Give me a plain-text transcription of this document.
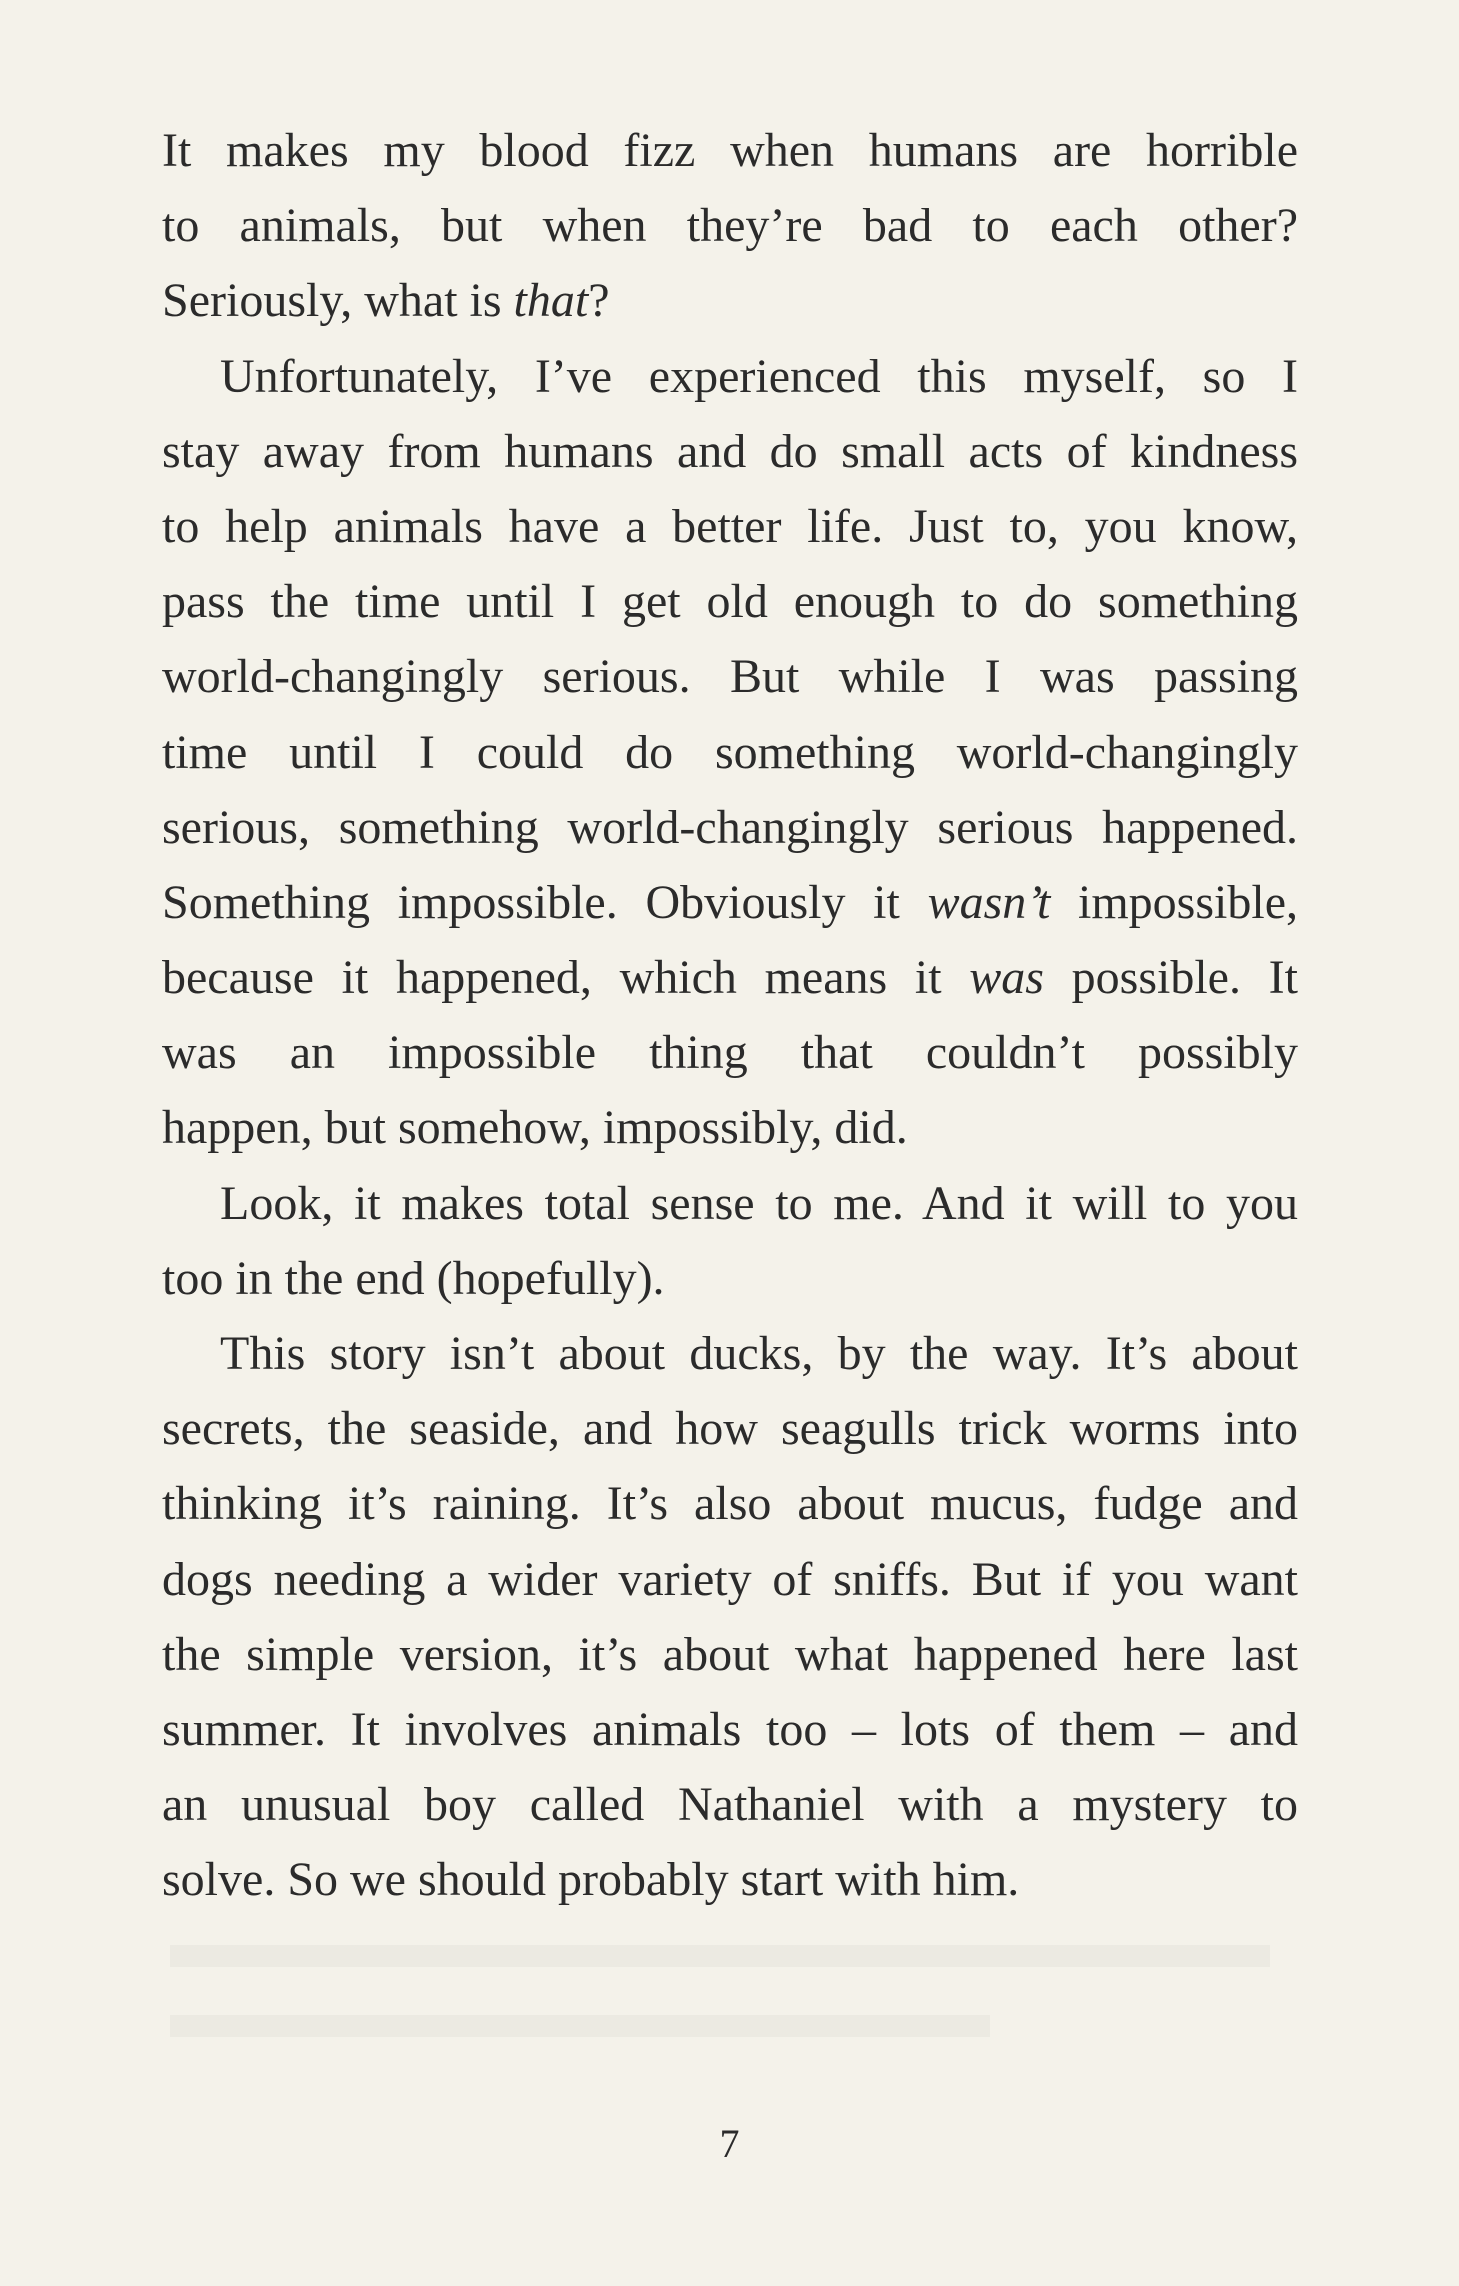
It makes my blood fizz when humans are horrible
to animals, but when they’re bad to each other?
Seriously, what is that?
Unfortunately, I’ve experienced this myself, so I
stay away from humans and do small acts of kindness
to help animals have a better life. Just to, you know,
pass the time until I get old enough to do something
world-changingly serious. But while I was passing
time until I could do something world-changingly
serious, something world-changingly serious happened.
Something impossible. Obviously it wasn’t impossible,
because it happened, which means it was possible. It
was an impossible thing that couldn’t possibly
happen, but somehow, impossibly, did.
Look, it makes total sense to me. And it will to you
too in the end (hopefully).
This story isn’t about ducks, by the way. It’s about
secrets, the seaside, and how seagulls trick worms into
thinking it’s raining. It’s also about mucus, fudge and
dogs needing a wider variety of sniffs. But if you want
the simple version, it’s about what happened here last
summer. It involves animals too – lots of them – and
an unusual boy called Nathaniel with a mystery to
solve. So we should probably start with him.
7
